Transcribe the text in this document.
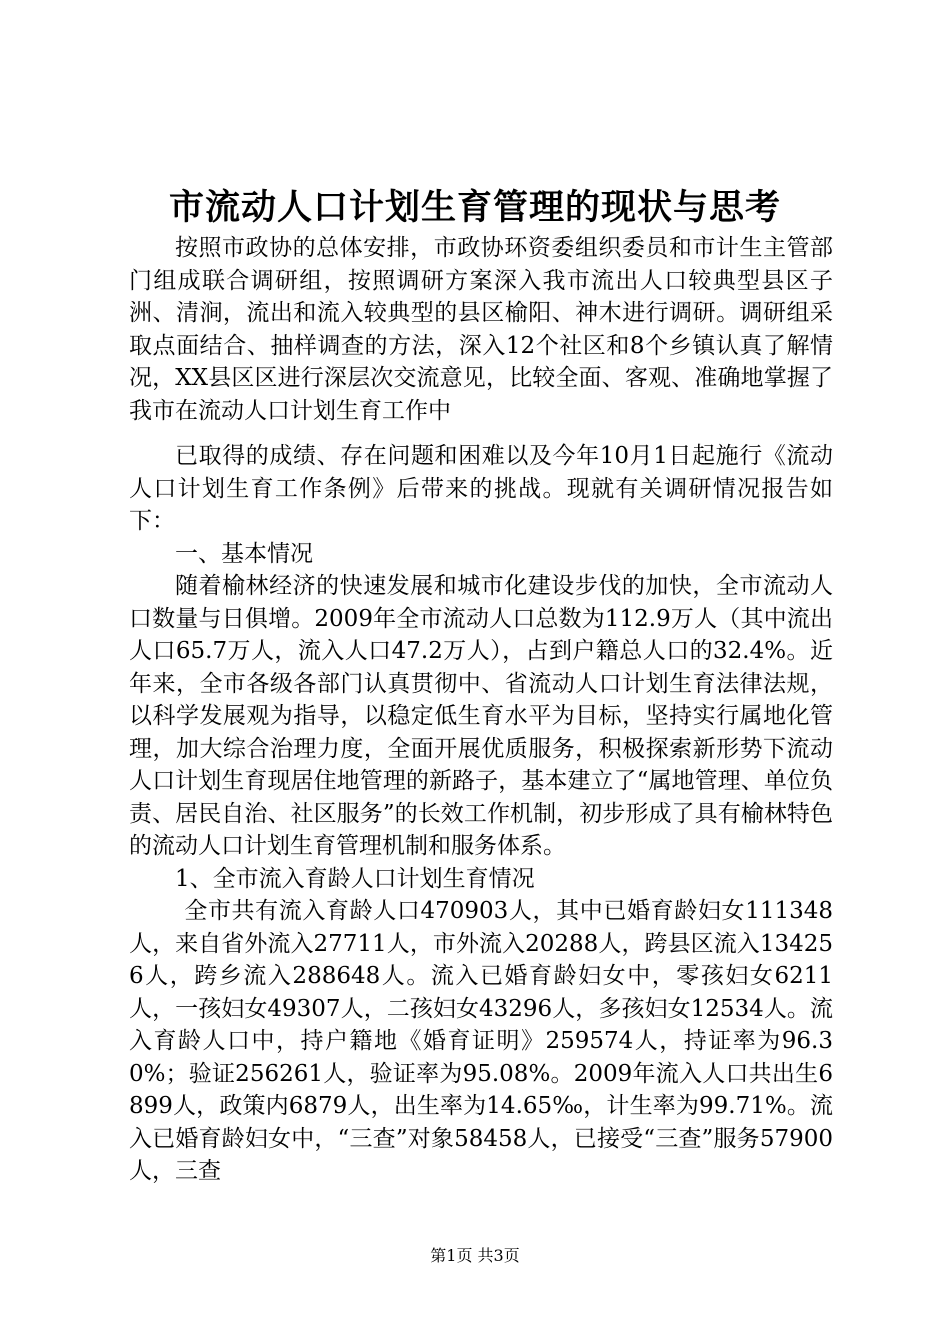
市流动人口计划生育管理的现状与思考

按照市政协的总体安排，市政协环资委组织委员和市计生主管部门组成联合调研组，按照调研方案深入我市流出人口较典型县区子洲、清涧，流出和流入较典型的县区榆阳、神木进行调研。调研组采取点面结合、抽样调查的方法，深入12个社区和8个乡镇认真了解情况，XX县区区进行深层次交流意见，比较全面、客观、准确地掌握了我市在流动人口计划生育工作中

已取得的成绩、存在问题和困难以及今年10月1日起施行《流动人口计划生育工作条例》后带来的挑战。现就有关调研情况报告如下：

一、基本情况

随着榆林经济的快速发展和城市化建设步伐的加快，全市流动人口数量与日俱增。2009年全市流动人口总数为112.9万人（其中流出人口65.7万人，流入人口47.2万人），占到户籍总人口的32.4%。近年来，全市各级各部门认真贯彻中、省流动人口计划生育法律法规，以科学发展观为指导，以稳定低生育水平为目标，坚持实行属地化管理，加大综合治理力度，全面开展优质服务，积极探索新形势下流动人口计划生育现居住地管理的新路子，基本建立了“属地管理、单位负责、居民自治、社区服务”的长效工作机制，初步形成了具有榆林特色的流动人口计划生育管理机制和服务体系。

1、全市流入育龄人口计划生育情况

全市共有流入育龄人口470903人，其中已婚育龄妇女111348人，来自省外流入27711人，市外流入20288人，跨县区流入134256人，跨乡流入288648人。流入已婚育龄妇女中，零孩妇女6211人，一孩妇女49307人，二孩妇女43296人，多孩妇女12534人。流入育龄人口中，持户籍地《婚育证明》259574人，持证率为96.30%；验证256261人，验证率为95.08%。2009年流入人口共出生6899人，政策内6879人，出生率为14.65‰，计生率为99.71%。流入已婚育龄妇女中，“三查”对象58458人，已接受“三查”服务57900人，三查

第1页 共3页
